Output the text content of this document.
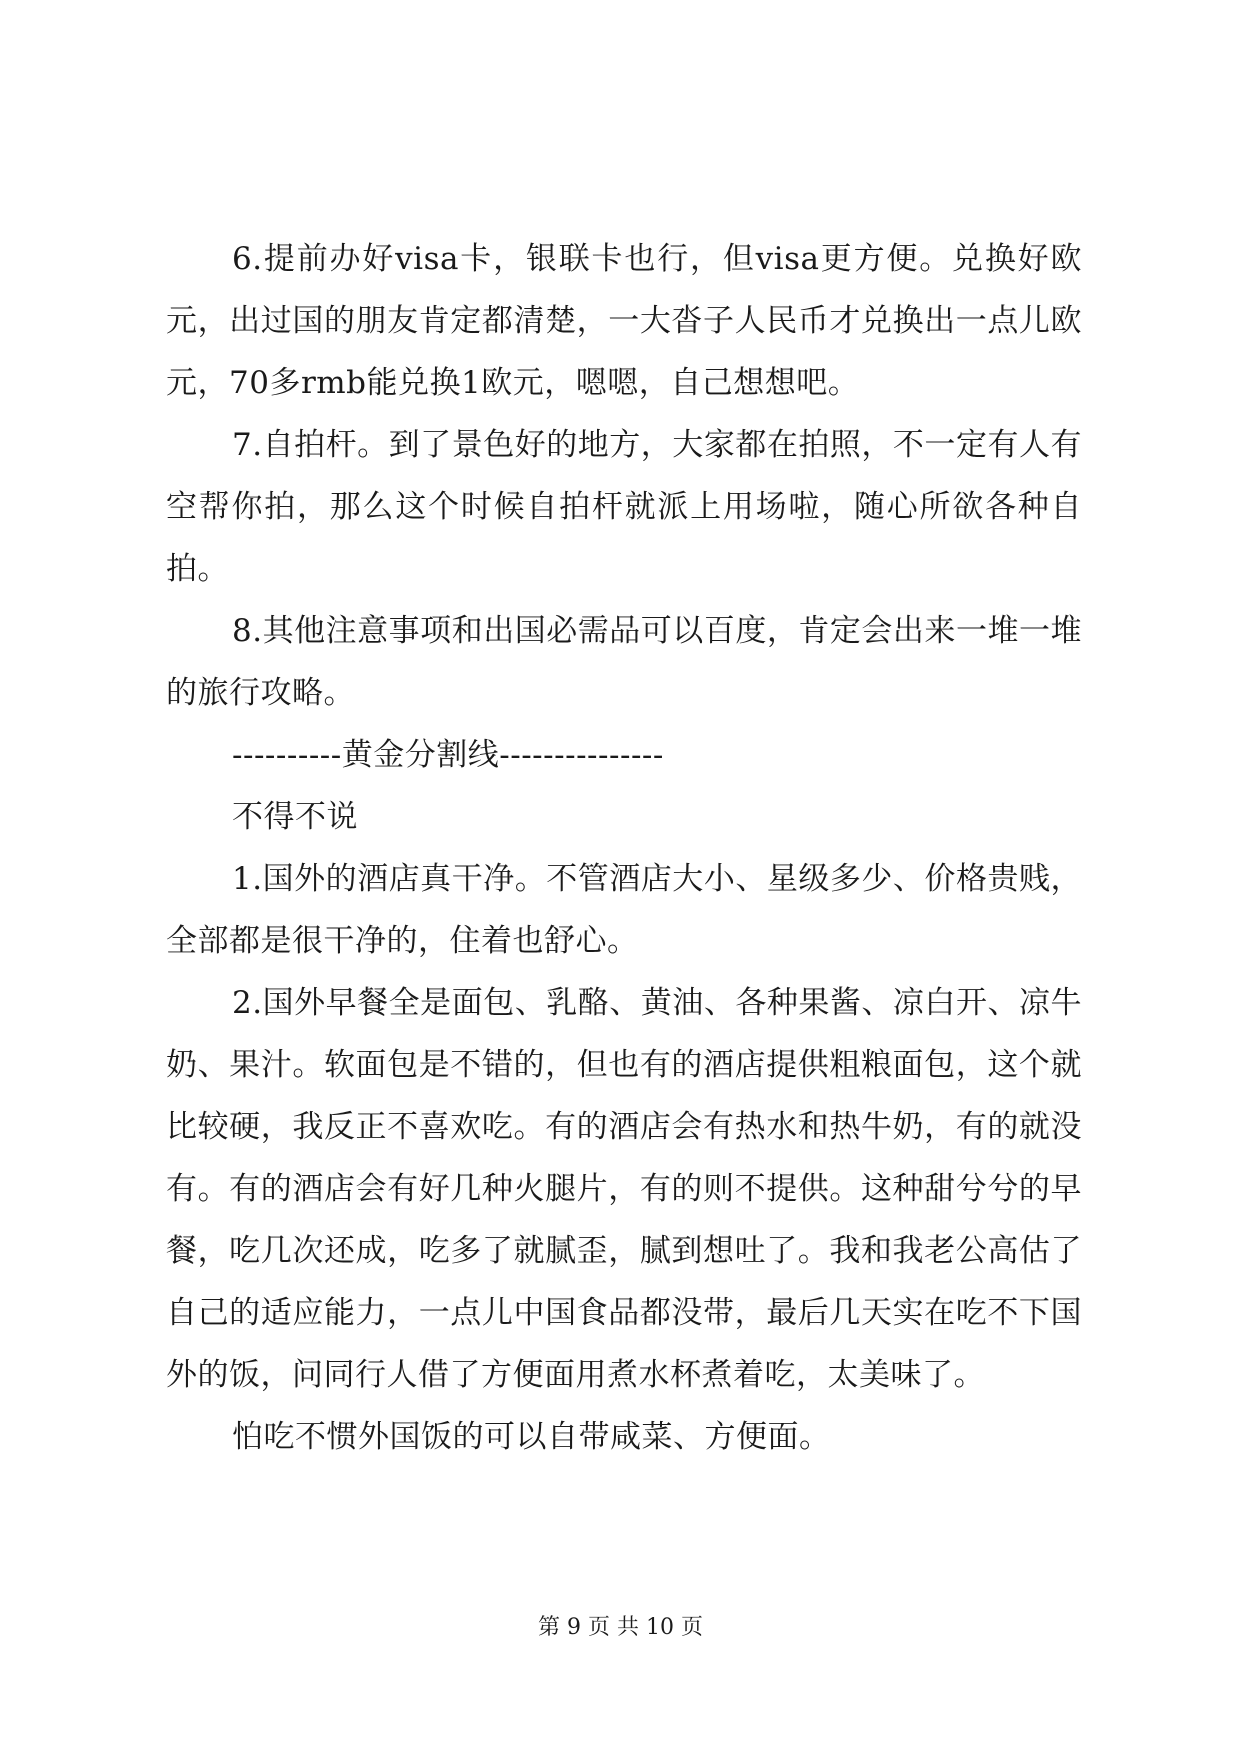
6.提前办好visa卡，银联卡也行，但visa更方便。兑换好欧元，出过国的朋友肯定都清楚，一大沓子人民币才兑换出一点儿欧元，70多rmb能兑换1欧元，嗯嗯，自己想想吧。

7.自拍杆。到了景色好的地方，大家都在拍照，不一定有人有空帮你拍，那么这个时候自拍杆就派上用场啦，随心所欲各种自拍。

8.其他注意事项和出国必需品可以百度，肯定会出来一堆一堆的旅行攻略。

----------黄金分割线---------------

不得不说

1.国外的酒店真干净。不管酒店大小、星级多少、价格贵贱，全部都是很干净的，住着也舒心。

2.国外早餐全是面包、乳酪、黄油、各种果酱、凉白开、凉牛奶、果汁。软面包是不错的，但也有的酒店提供粗粮面包，这个就比较硬，我反正不喜欢吃。有的酒店会有热水和热牛奶，有的就没有。有的酒店会有好几种火腿片，有的则不提供。这种甜兮兮的早餐，吃几次还成，吃多了就腻歪，腻到想吐了。我和我老公高估了自己的适应能力，一点儿中国食品都没带，最后几天实在吃不下国外的饭，问同行人借了方便面用煮水杯煮着吃，太美味了。

怕吃不惯外国饭的可以自带咸菜、方便面。

第 9 页 共 10 页
